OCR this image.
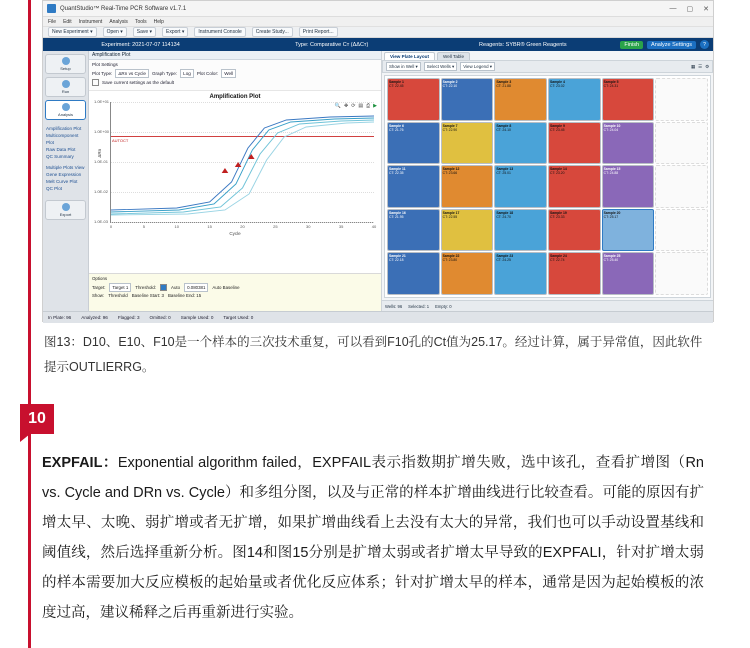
QuantStudio™ Real-Time PCR Software v1.7.1	— ▢ ✕
File Edit Instrument Analysis Tools Help
New Experiment ▾	Open ▾	Save ▾	Export ▾	Instrument Console	Create Study...	Print Report...
Experiment: 2021-07-07 114134	Type: Comparative Cт (ΔΔCт)	Reagents: SYBR® Green Reagents	Finish	Analyze Settings	?
Setup
Run
Analysis
Amplification Plot
Multicomponent Plot
Raw Data Plot
QC Summary
Multiple Plots View
Gene Expression
Melt Curve Plot
QC Plot
Export
Amplification Plot
Plot Settings
Plot Type:	ΔRn vs Cycle	Graph Type:	Log	Plot Color:	Well
Save current settings as the default
Amplification Plot
🔍 ✥ ⟳ ▤ ⎙ ▶
1.0E+01
1.0E+00
1.0E-01
1.0E-02
1.0E-03
AUTOCT
0	5	10	15	20	25	30	35	40
ΔRn
Cycle
Options
Target:	Target 1	Threshold:	Auto	0.080381	Auto Baseline
Show: Threshold Baseline Start: 3 Baseline End: 15
View Plate Layout	Well Table
Show in Well ▾	Select Wells ▾	View Legend ▾	▦ ☰ ⚙
Sample 1
CT: 22.45
Sample 2
CT: 22.10
Sample 3
CT: 21.88
Sample 4
CT: 23.02
Sample 5
CT: 24.31
Sample 6
CT: 21.76
Sample 7
CT: 22.90
Sample 8
CT: 24.10
Sample 9
CT: 23.45
Sample 10
CT: 24.04
Sample 11
CT: 22.35
Sample 12
CT: 23.66
Sample 13
CT: 25.01
Sample 14
CT: 23.20
Sample 15
CT: 24.88
Sample 16
CT: 21.95
Sample 17
CT: 22.55
Sample 18
CT: 24.70
Sample 19
CT: 23.33
Sample 20
CT: 25.17
Sample 21
CT: 22.18
Sample 22
CT: 23.80
Sample 23
CT: 24.25
Sample 24
CT: 22.74
Sample 25
CT: 25.40
Wells: 96 Selected: 1 Empty: 0
In Plate: 96 Analyzed: 96 Flagged: 3 Omitted: 0 Sample Used: 0 Target Used: 0
图13：D10、E10、F10是一个样本的三次技术重复，可以看到F10孔的Ct值为25.17。经过计算，属于异常值，因此软件提示OUTLIERRG。
10
EXPFAIL：Exponential algorithm failed，EXPFAIL表示指数期扩增失败，选中该孔，查看扩增图（Rn vs. Cycle and DRn vs. Cycle）和多组分图，以及与正常的样本扩增曲线进行比较查看。可能的原因有扩增太早、太晚、弱扩增或者无扩增，如果扩增曲线看上去没有太大的异常，我们也可以手动设置基线和阈值线，然后选择重新分析。图14和图15分别是扩增太弱或者扩增太早导致的EXPFALI，针对扩增太弱的样本需要加大反应模板的起始量或者优化反应体系；针对扩增太早的样本，通常是因为起始模板的浓度过高，建议稀释之后再重新进行实验。
